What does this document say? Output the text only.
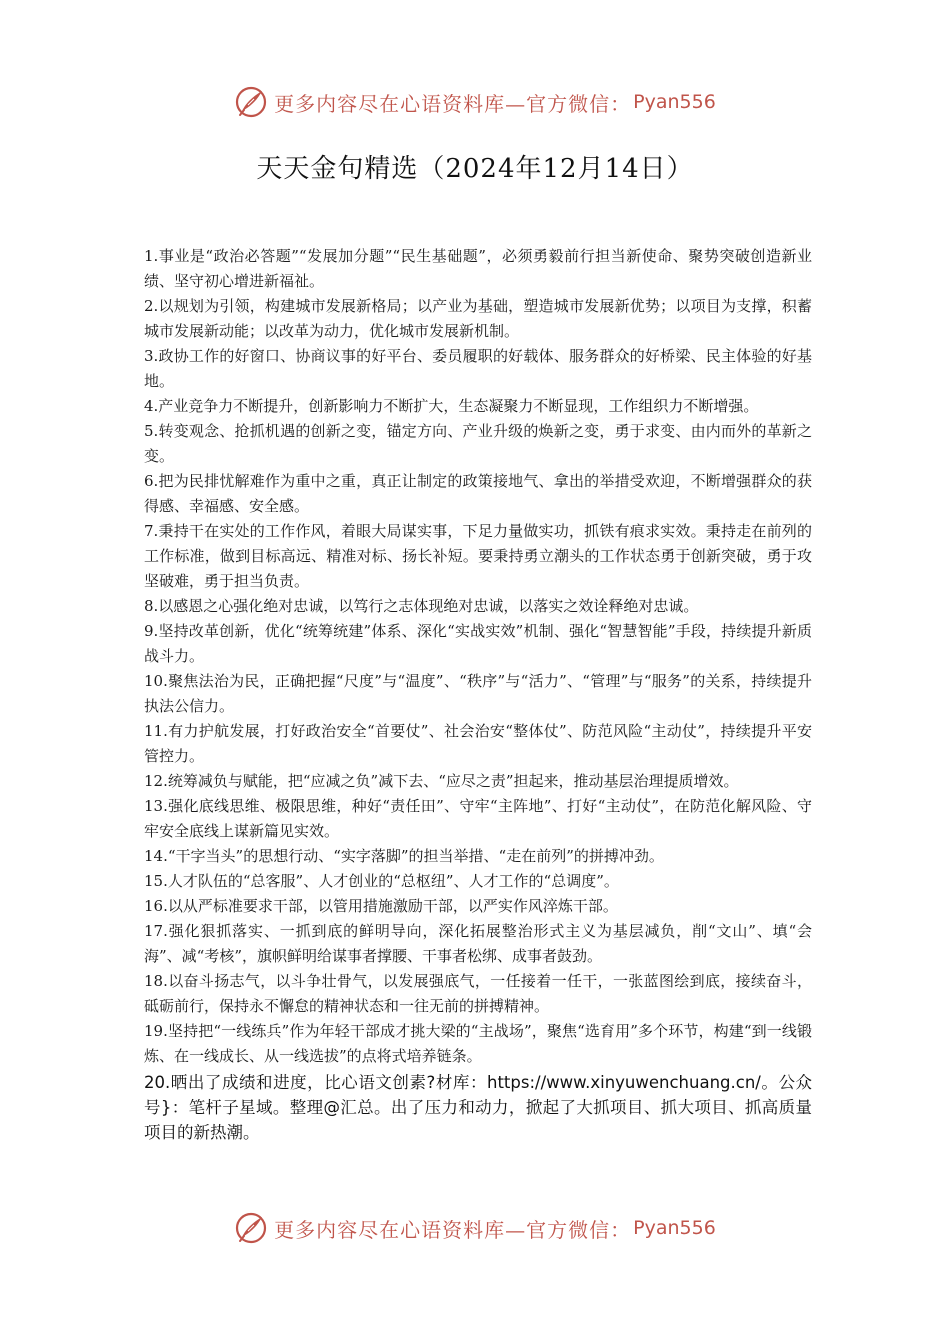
更多内容尽在心语资料库—官方微信： Pyan556
天天金句精选（2024年12月14日）

1.事业是“政治必答题”“发展加分题”“民生基础题”，必须勇毅前行担当新使命、聚势突破创造新业绩、坚守初心增进新福祉。

2.以规划为引领，构建城市发展新格局；以产业为基础，塑造城市发展新优势；以项目为支撑，积蓄城市发展新动能；以改革为动力，优化城市发展新机制。

3.政协工作的好窗口、协商议事的好平台、委员履职的好载体、服务群众的好桥梁、民主体验的好基地。

4.产业竞争力不断提升，创新影响力不断扩大，生态凝聚力不断显现，工作组织力不断增强。

5.转变观念、抢抓机遇的创新之变，锚定方向、产业升级的焕新之变，勇于求变、由内而外的革新之变。

6.把为民排忧解难作为重中之重，真正让制定的政策接地气、拿出的举措受欢迎，不断增强群众的获得感、幸福感、安全感。

7.秉持干在实处的工作作风，着眼大局谋实事，下足力量做实功，抓铁有痕求实效。秉持走在前列的工作标准，做到目标高远、精准对标、扬长补短。要秉持勇立潮头的工作状态勇于创新突破，勇于攻坚破难，勇于担当负责。

8.以感恩之心强化绝对忠诚，以笃行之志体现绝对忠诚，以落实之效诠释绝对忠诚。

9.坚持改革创新，优化“统筹统建”体系、深化“实战实效”机制、强化“智慧智能”手段，持续提升新质战斗力。

10.聚焦法治为民，正确把握“尺度”与“温度”、“秩序”与“活力”、“管理”与“服务”的关系，持续提升执法公信力。

11.有力护航发展，打好政治安全“首要仗”、社会治安“整体仗”、防范风险“主动仗”，持续提升平安管控力。

12.统筹减负与赋能，把“应减之负”减下去、“应尽之责”担起来，推动基层治理提质增效。

13.强化底线思维、极限思维，种好“责任田”、守牢“主阵地”、打好“主动仗”，在防范化解风险、守牢安全底线上谋新篇见实效。

14.“干字当头”的思想行动、“实字落脚”的担当举措、“走在前列”的拼搏冲劲。

15.人才队伍的“总客服”、人才创业的“总枢纽”、人才工作的“总调度”。

16.以从严标准要求干部，以管用措施激励干部，以严实作风淬炼干部。

17.强化狠抓落实、一抓到底的鲜明导向，深化拓展整治形式主义为基层减负，削“文山”、填“会海”、减“考核”，旗帜鲜明给谋事者撑腰、干事者松绑、成事者鼓劲。

18.以奋斗扬志气，以斗争壮骨气，以发展强底气，一任接着一任干，一张蓝图绘到底，接续奋斗，砥砺前行，保持永不懈怠的精神状态和一往无前的拼搏精神。

19.坚持把“一线练兵”作为年轻干部成才挑大梁的“主战场”，聚焦“选育用”多个环节，构建“到一线锻炼、在一线成长、从一线选拔”的点将式培养链条。

20.晒出了成绩和进度，比心语文创素?材库：https://www.xinyuwenchuang.cn/。公众号}：笔杆子星域。整理@汇总。出了压力和动力，掀起了大抓项目、抓大项目、抓高质量项目的新热潮。

更多内容尽在心语资料库—官方微信： Pyan556
